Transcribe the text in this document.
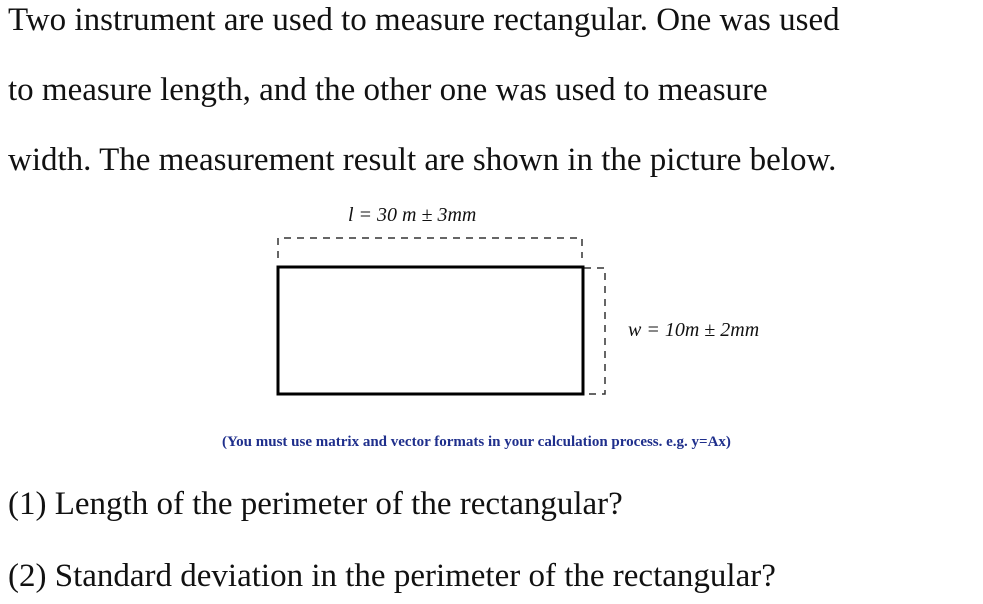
Two instrument are used to measure rectangular. One was used
to measure length, and the other one was used to measure
width. The measurement result are shown in the picture below.
l = 30 m ± 3mm
w = 10m ± 2mm
(You must use matrix and vector formats in your calculation process. e.g. y=Ax)
(1) Length of the perimeter of the rectangular?
(2) Standard deviation in the perimeter of the rectangular?
